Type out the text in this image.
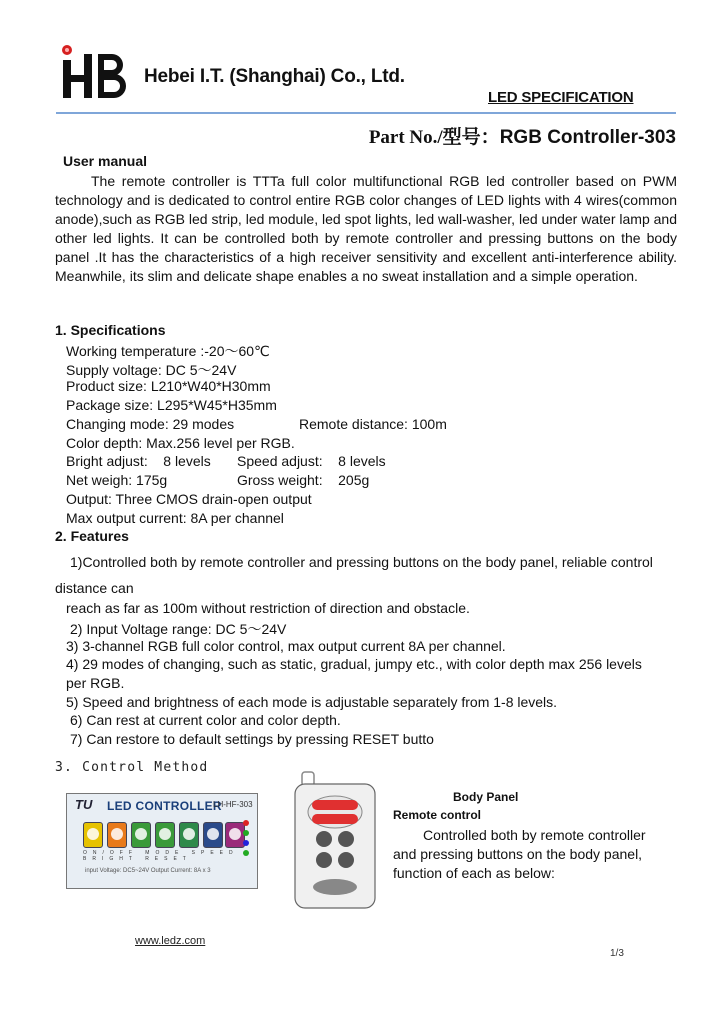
Hebei I.T. (Shanghai) Co., Ltd.
LED SPECIFICATION
Part No./型号：RGB Controller-303
User manual
The remote controller is TTTa full color multifunctional RGB led controller based on PWM technology and is dedicated to control entire RGB color changes of LED lights with 4 wires(common anode),such as RGB led strip, led module, led spot lights, led wall-washer, led under water lamp and other led lights. It can be controlled both by remote controller and pressing buttons on the body panel .It has the characteristics of a high receiver sensitivity and excellent anti-interference ability. Meanwhile, its slim and delicate shape enables a no sweat installation and a simple operation.
1. Specifications
Working temperature :-20～60℃
Supply voltage: DC 5～24V
Product size: L210*W40*H30mm
Package size: L295*W45*H35mm
Changing mode: 29 modes	Remote distance: 100m
Color depth: Max.256 level per RGB.
Bright adjust:    8 levels Speed adjust:    8 levels
Net weigh: 175g	Gross weight:    205g
Output: Three CMOS drain-open output
Max output current: 8A per channel
2. Features
1)Controlled both by remote controller and pressing buttons on the body panel, reliable control
distance can
reach as far as 100m without restriction of direction and obstacle.
2) Input Voltage range: DC 5～24V
3) 3-channel RGB full color control, max output current 8A per channel.
4) 29 modes of changing, such as static, gradual, jumpy etc., with color depth max 256 levels
per RGB.
5) Speed and brightness of each mode is adjustable separately from 1-8 levels.
6) Can rest at current color and color depth.
7) Can restore to default settings by pressing RESET butto
3. Control Method
TU LED CONTROLLER
LH-HF-303
ON/OFF MODE SPEED BRIGHT RESET
input Voltage: DC5~24V Output Current: 8A x 3
Body Panel
Remote control
Controlled both by remote controller
and pressing buttons on the body panel,
function of each as below:
www.ledz.com
1/3
